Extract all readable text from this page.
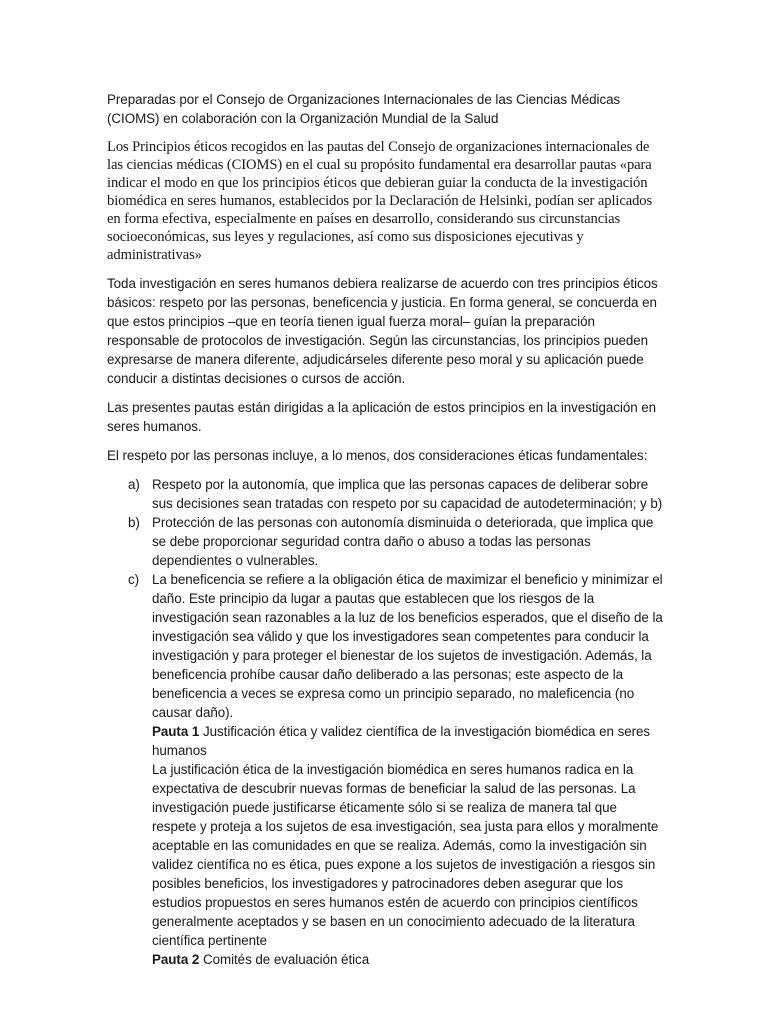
Preparadas por el Consejo de Organizaciones Internacionales de las Ciencias Médicas (CIOMS) en colaboración con la Organización Mundial de la Salud

Los Principios éticos recogidos en las pautas del Consejo de organizaciones internacionales de las ciencias médicas (CIOMS) en el cual su propósito fundamental era desarrollar pautas «para indicar el modo en que los principios éticos que debieran guiar la conducta de la investigación biomédica en seres humanos, establecidos por la Declaración de Helsinki, podían ser aplicados en forma efectiva, especialmente en países en desarrollo, considerando sus circunstancias socioeconómicas, sus leyes y regulaciones, así como sus disposiciones ejecutivas y administrativas»

Toda investigación en seres humanos debiera realizarse de acuerdo con tres principios éticos básicos: respeto por las personas, beneficencia y justicia. En forma general, se concuerda en que estos principios –que en teoría tienen igual fuerza moral– guían la preparación responsable de protocolos de investigación. Según las circunstancias, los principios pueden expresarse de manera diferente, adjudicárseles diferente peso moral y su aplicación puede conducir a distintas decisiones o cursos de acción.

Las presentes pautas están dirigidas a la aplicación de estos principios en la investigación en seres humanos.

El respeto por las personas incluye, a lo menos, dos consideraciones éticas fundamentales:

a) Respeto por la autonomía, que implica que las personas capaces de deliberar sobre sus decisiones sean tratadas con respeto por su capacidad de autodeterminación; y b)
b) Protección de las personas con autonomía disminuida o deteriorada, que implica que se debe proporcionar seguridad contra daño o abuso a todas las personas dependientes o vulnerables.
c) La beneficencia se refiere a la obligación ética de maximizar el beneficio y minimizar el daño. Este principio da lugar a pautas que establecen que los riesgos de la investigación sean razonables a la luz de los beneficios esperados, que el diseño de la investigación sea válido y que los investigadores sean competentes para conducir la investigación y para proteger el bienestar de los sujetos de investigación. Además, la beneficencia prohíbe causar daño deliberado a las personas; este aspecto de la beneficencia a veces se expresa como un principio separado, no maleficencia (no causar daño).
Pauta 1 Justificación ética y validez científica de la investigación biomédica en seres humanos
La justificación ética de la investigación biomédica en seres humanos radica en la expectativa de descubrir nuevas formas de beneficiar la salud de las personas. La investigación puede justificarse éticamente sólo si se realiza de manera tal que respete y proteja a los sujetos de esa investigación, sea justa para ellos y moralmente aceptable en las comunidades en que se realiza. Además, como la investigación sin validez científica no es ética, pues expone a los sujetos de investigación a riesgos sin posibles beneficios, los investigadores y patrocinadores deben asegurar que los estudios propuestos en seres humanos estén de acuerdo con principios científicos generalmente aceptados y se basen en un conocimiento adecuado de la literatura científica pertinente
Pauta 2 Comités de evaluación ética
